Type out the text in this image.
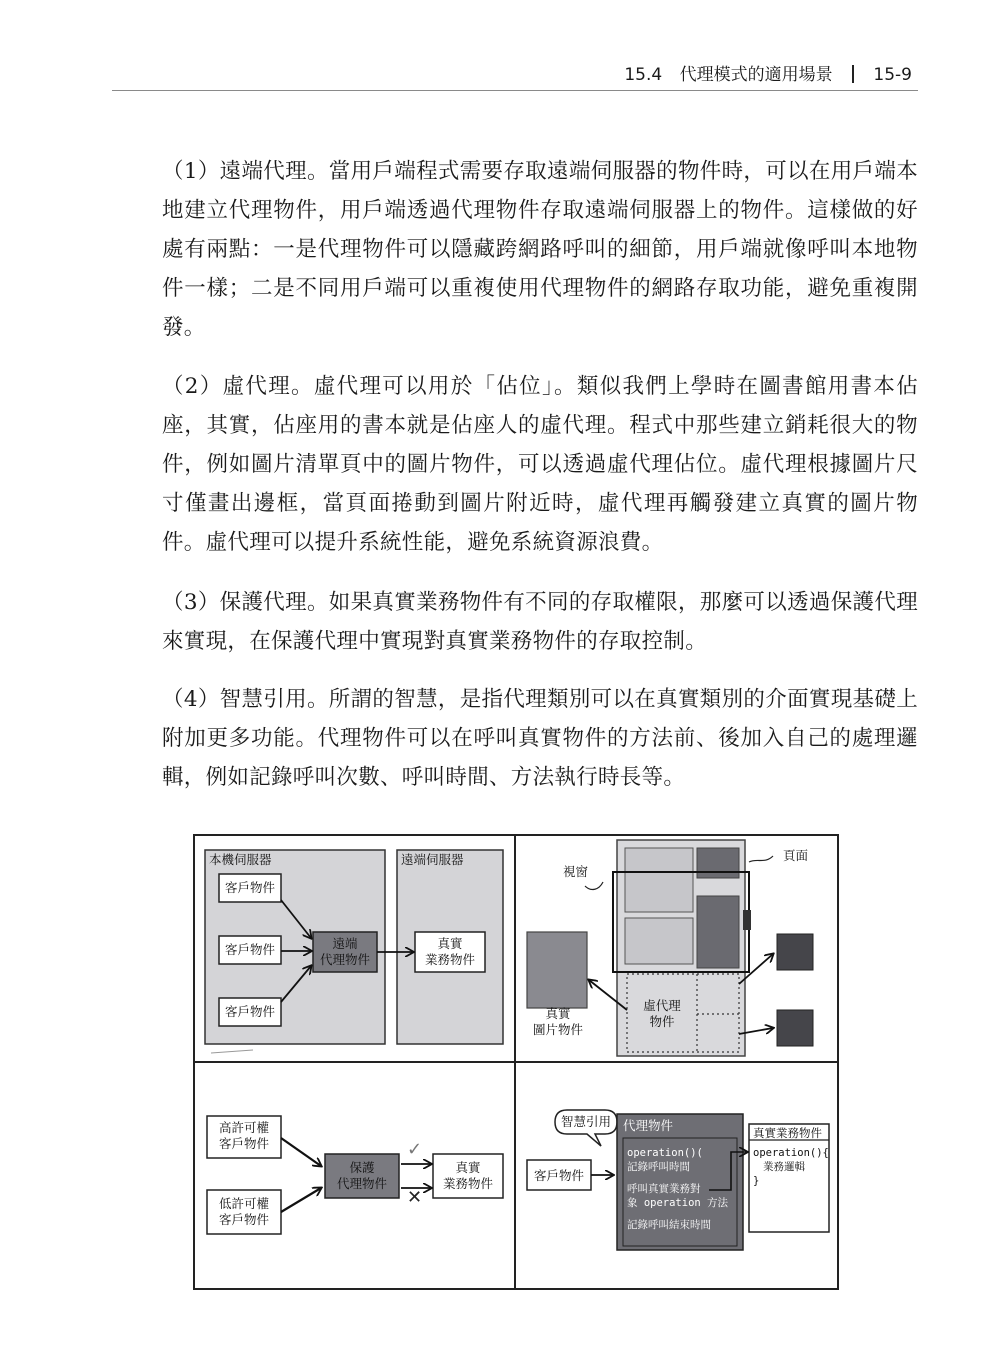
15.4 代理模式的適用場景 15-9
（1）遠端代理。當用戶端程式需要存取遠端伺服器的物件時，可以在用戶端本地建立代理物件，用戶端透過代理物件存取遠端伺服器上的物件。這樣做的好處有兩點：一是代理物件可以隱藏跨網路呼叫的細節，用戶端就像呼叫本地物件一樣；二是不同用戶端可以重複使用代理物件的網路存取功能，避免重複開發。
（2）虛代理。虛代理可以用於「佔位」。類似我們上學時在圖書館用書本佔座，其實，佔座用的書本就是佔座人的虛代理。程式中那些建立銷耗很大的物件，例如圖片清單頁中的圖片物件，可以透過虛代理佔位。虛代理根據圖片尺寸僅畫出邊框，當頁面捲動到圖片附近時，虛代理再觸發建立真實的圖片物件。虛代理可以提升系統性能，避免系統資源浪費。
（3）保護代理。如果真實業務物件有不同的存取權限，那麼可以透過保護代理來實現，在保護代理中實現對真實業務物件的存取控制。
（4）智慧引用。所謂的智慧，是指代理類別可以在真實類別的介面實現基礎上附加更多功能。代理物件可以在呼叫真實物件的方法前、後加入自己的處理邏輯，例如記錄呼叫次數、呼叫時間、方法執行時長等。
本機伺服器	遠端伺服器
客戶物件
客戶物件
客戶物件
遠端
代理物件
真實
業務物件
視窗
頁面
真實
圖片物件
虛代理
物件
高許可權
客戶物件
低許可權
客戶物件
保護
代理物件
真實
業務物件
✓
✕
智慧引用
客戶物件
代理物件
operation()(
記錄呼叫時間
呼叫真實業務對
象 operation 方法
記錄呼叫結束時間
真實業務物件
operation(){
業務邏輯
}
